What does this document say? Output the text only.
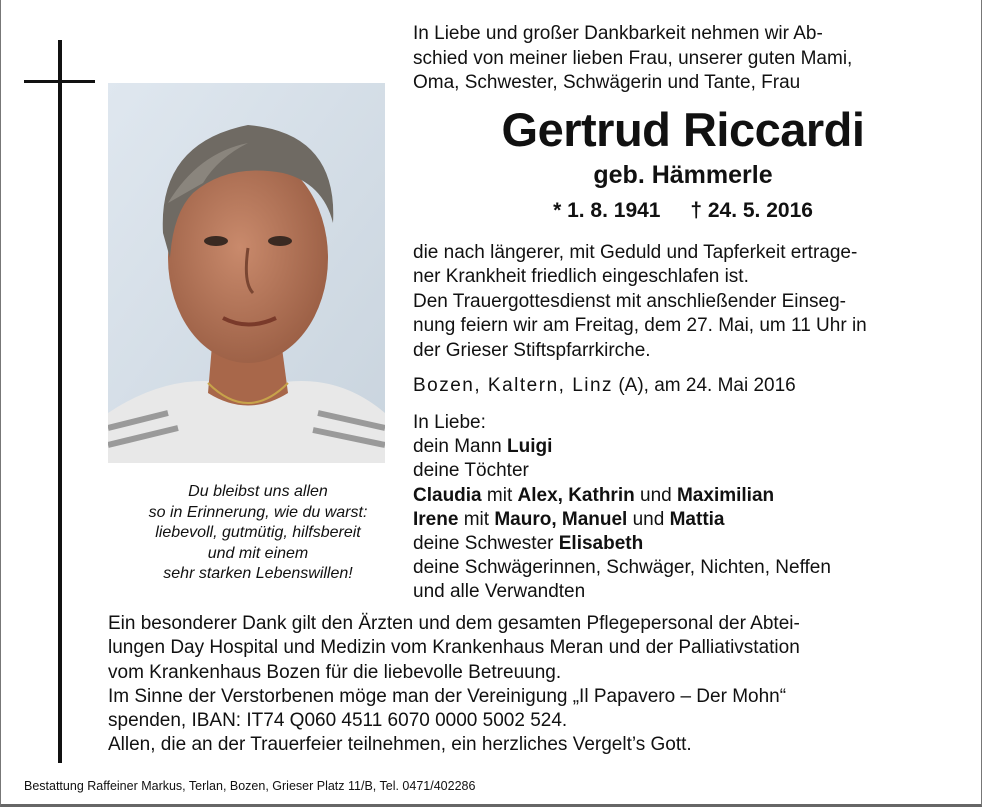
Du bleibst uns allen
so in Erinnerung, wie du warst:
liebevoll, gutmütig, hilfsbereit
und mit einem
sehr starken Lebenswillen!
In Liebe und großer Dankbarkeit nehmen wir Ab-
schied von meiner lieben Frau, unserer guten Mami,
Oma, Schwester, Schwägerin und Tante, Frau
Gertrud Riccardi
geb. Hämmerle
* 1. 8. 1941 † 24. 5. 2016
die nach längerer, mit Geduld und Tapferkeit ertrage-
ner Krankheit friedlich eingeschlafen ist.
Den Trauergottesdienst mit anschließender Einseg-
nung feiern wir am Freitag, dem 27. Mai, um 11 Uhr in
der Grieser Stiftspfarrkirche.
Bozen, Kaltern, Linz (A), am 24. Mai 2016
In Liebe:
dein Mann Luigi
deine Töchter
Claudia mit Alex, Kathrin und Maximilian
Irene mit Mauro, Manuel und Mattia
deine Schwester Elisabeth
deine Schwägerinnen, Schwäger, Nichten, Neffen
und alle Verwandten
Ein besonderer Dank gilt den Ärzten und dem gesamten Pflegepersonal der Abtei-
lungen Day Hospital und Medizin vom Krankenhaus Meran und der Palliativstation
vom Krankenhaus Bozen für die liebevolle Betreuung.
Im Sinne der Verstorbenen möge man der Vereinigung „Il Papavero – Der Mohn“
spenden, IBAN: IT74 Q060 4511 6070 0000 5002 524.
Allen, die an der Trauerfeier teilnehmen, ein herzliches Vergelt’s Gott.
Bestattung Raffeiner Markus, Terlan, Bozen, Grieser Platz 11/B, Tel. 0471/402286
